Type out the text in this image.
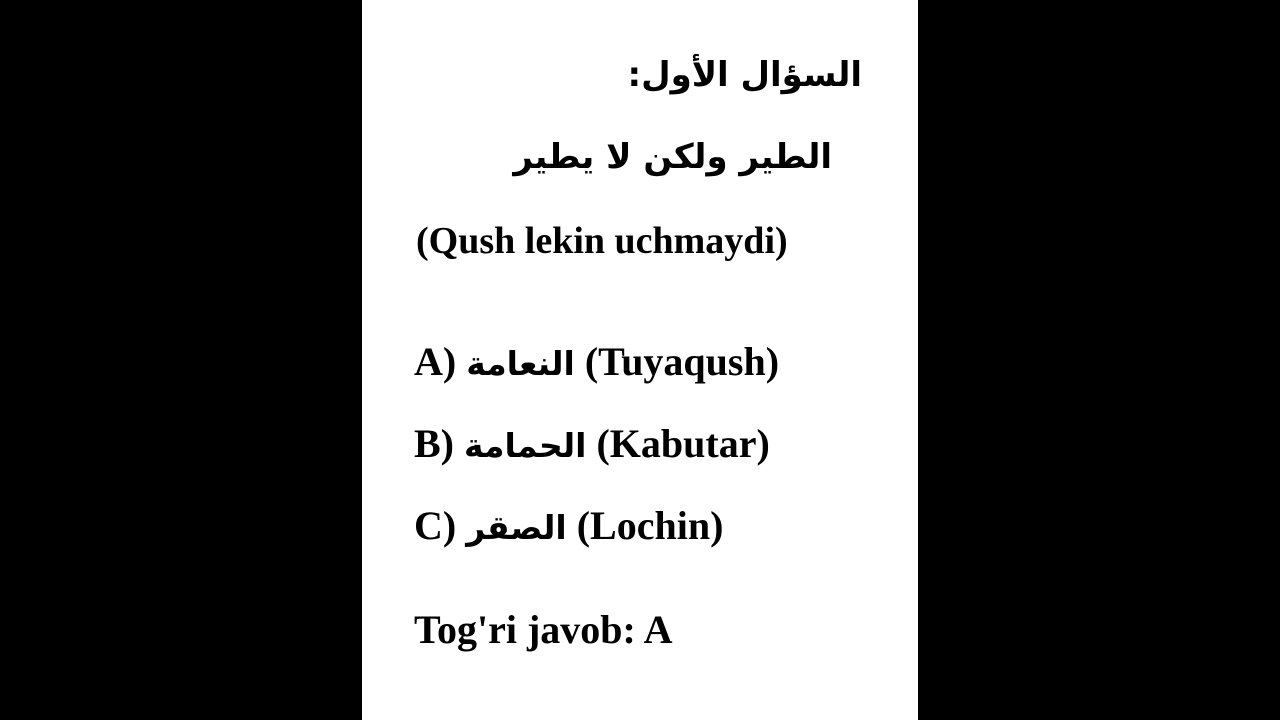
السؤال الأول:
الطير ولكن لا يطير
(Qush lekin uchmaydi)
A) النعامة (Tuyaqush)
B) الحمامة (Kabutar)
C) الصقر (Lochin)
Tog'ri javob: A
